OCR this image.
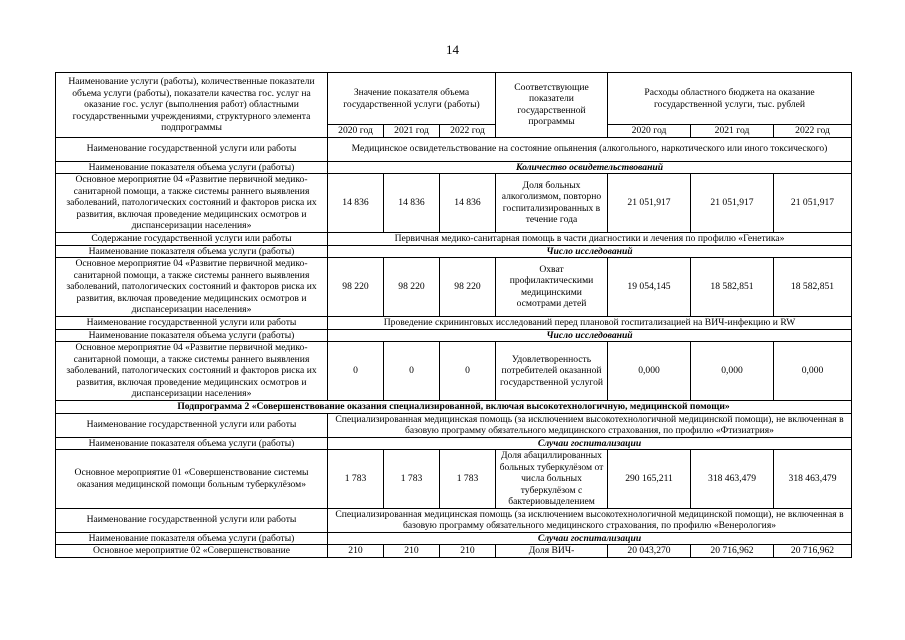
14
Наименование услуги (работы), количественные показатели объема услуги (работы), показатели качества гос. услуг на оказание гос. услуг (выполнения работ) областными государственными учреждениями, структурного элемента подпрограммы	Значение показателя объема государственной услуги (работы)			Соответствующие показатели государственной программы	Расходы областного бюджета на оказание государственной услуги, тыс. рублей		
	2020 год	2021 год	2022 год		2020 год	2021 год	2022 год
Наименование государственной услуги или работы	Медицинское освидетельствование на состояние опьянения (алкогольного, наркотического или иного токсического)						
Наименование показателя объема услуги (работы)	Количество освидетельствований						
Основное мероприятие 04 «Развитие первичной медико-санитарной помощи, а также системы раннего выявления заболеваний, патологических состояний и факторов риска их развития, включая проведение медицинских осмотров и диспансеризации населения»	14 836	14 836	14 836	Доля больных алкоголизмом, повторно госпитализированных в течение года	21 051,917	21 051,917	21 051,917
Содержание государственной услуги или работы	Первичная медико-санитарная помощь в части диагностики и лечения по профилю «Генетика»						
Наименование показателя объема услуги (работы)	Число исследований						
Основное мероприятие 04 «Развитие первичной медико-санитарной помощи, а также системы раннего выявления заболеваний, патологических состояний и факторов риска их развития, включая проведение медицинских осмотров и диспансеризации населения»	98 220	98 220	98 220	Охват профилактическими медицинскими осмотрами детей	19 054,145	18 582,851	18 582,851
Наименование государственной услуги или работы	Проведение скрининговых исследований перед плановой госпитализацией на ВИЧ-инфекцию и RW						
Наименование показателя объема услуги (работы)	Число исследований						
Основное мероприятие 04 «Развитие первичной медико-санитарной помощи, а также системы раннего выявления заболеваний, патологических состояний и факторов риска их развития, включая проведение медицинских осмотров и диспансеризации населения»	0	0	0	Удовлетворенность потребителей оказанной государственной услугой	0,000	0,000	0,000
Подпрограмма 2 «Совершенствование оказания специализированной, включая высокотехнологичную, медицинской помощи»							
Наименование государственной услуги или работы	Специализированная медицинская помощь (за исключением высокотехнологичной медицинской помощи), не включенная в базовую программу обязательного медицинского страхования, по профилю «Фтизиатрия»						
Наименование показателя объема услуги (работы)	Случаи госпитализации						
Основное мероприятие 01 «Совершенствование системы оказания медицинской помощи больным туберкулёзом»	1 783	1 783	1 783	Доля абациллированных больных туберкулёзом от числа больных туберкулёзом с бактериовыделением	290 165,211	318 463,479	318 463,479
Наименование государственной услуги или работы	Специализированная медицинская помощь (за исключением высокотехнологичной медицинской помощи), не включенная в базовую программу обязательного медицинского страхования, по профилю «Венерология»						
Наименование показателя объема услуги (работы)	Случаи госпитализации						
Основное мероприятие 02 «Совершенствование	210	210	210	Доля ВИЧ-	20 043,270	20 716,962	20 716,962
